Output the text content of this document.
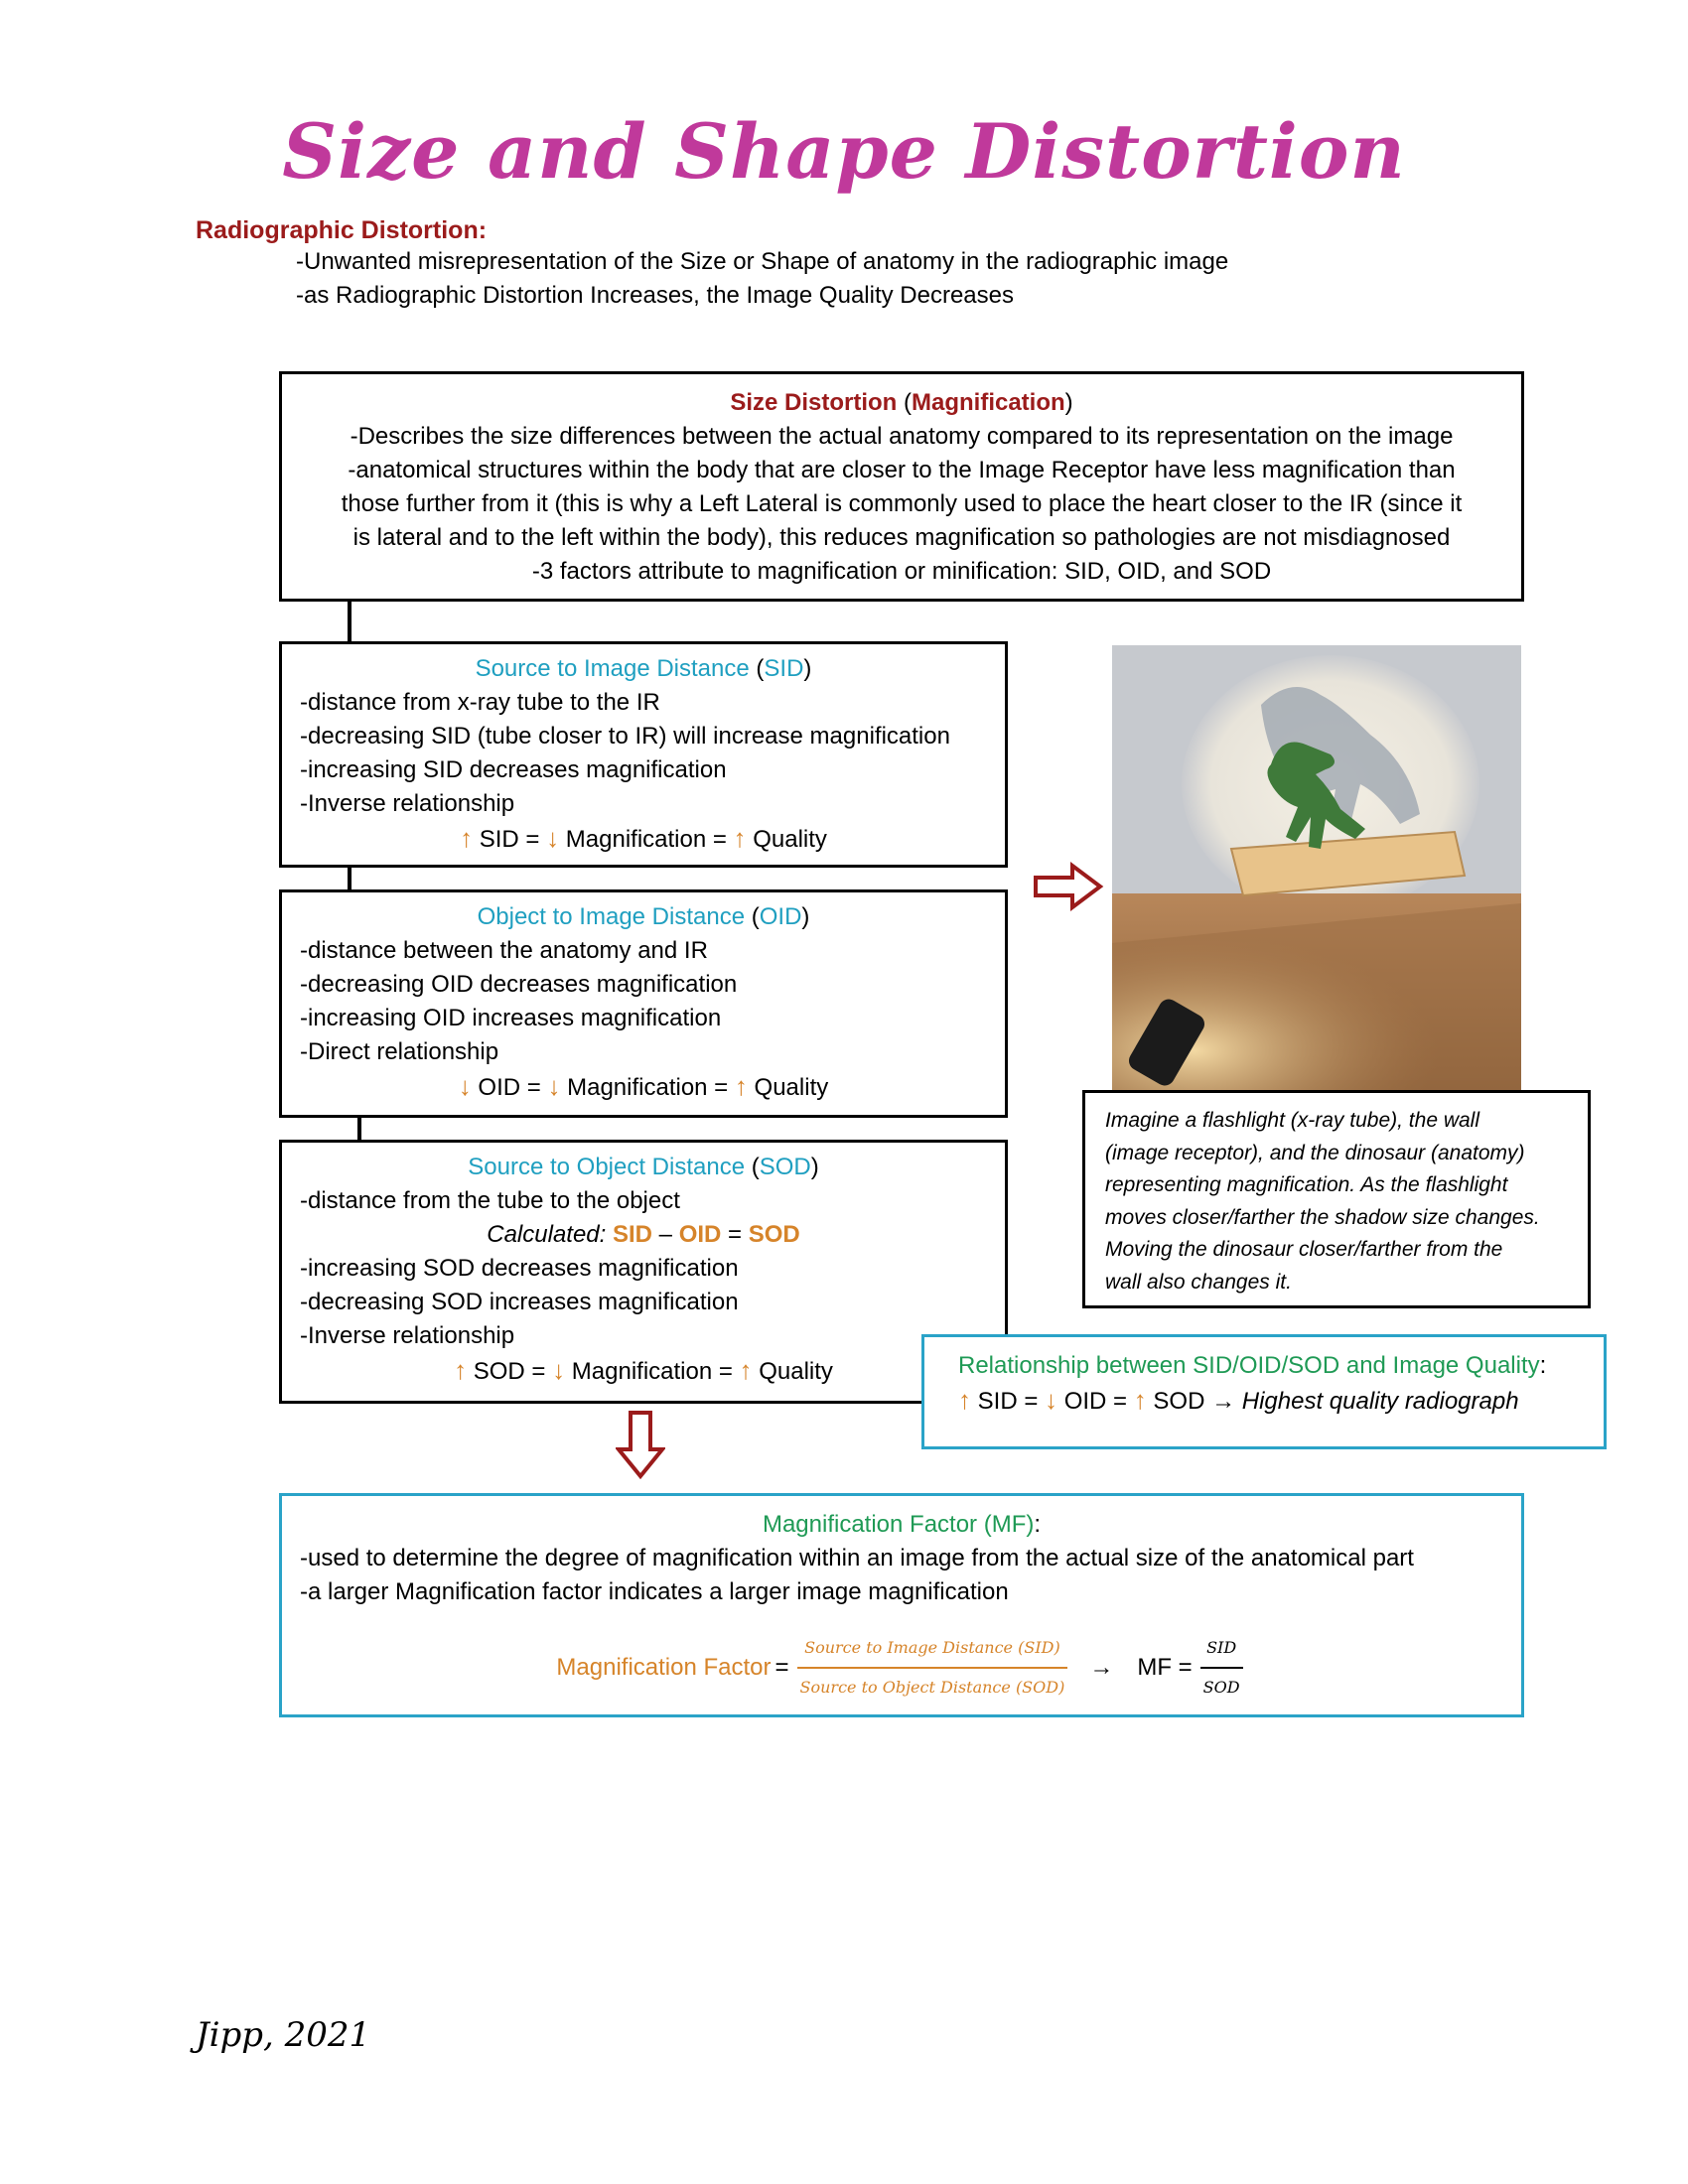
Size and Shape Distortion
Radiographic Distortion:
-Unwanted misrepresentation of the Size or Shape of anatomy in the radiographic image
-as Radiographic Distortion Increases, the Image Quality Decreases
Size Distortion (Magnification)
-Describes the size differences between the actual anatomy compared to its representation on the image
-anatomical structures within the body that are closer to the Image Receptor have less magnification than
those further from it (this is why a Left Lateral is commonly used to place the heart closer to the IR (since it
is lateral and to the left within the body), this reduces magnification so pathologies are not misdiagnosed
-3 factors attribute to magnification or minification: SID, OID, and SOD
Source to Image Distance (SID)
-distance from x-ray tube to the IR
-decreasing SID (tube closer to IR) will increase magnification
-increasing SID decreases magnification
-Inverse relationship
↑ SID = ↓ Magnification = ↑ Quality
Object to Image Distance (OID)
-distance between the anatomy and IR
-decreasing OID decreases magnification
-increasing OID increases magnification
-Direct relationship
↓ OID = ↓ Magnification = ↑ Quality
Source to Object Distance (SOD)
-distance from the tube to the object
Calculated: SID – OID = SOD
-increasing SOD decreases magnification
-decreasing SOD increases magnification
-Inverse relationship
↑ SOD = ↓ Magnification = ↑ Quality
Imagine a flashlight (x-ray tube), the wall
(image receptor), and the dinosaur (anatomy)
representing magnification. As the flashlight
moves closer/farther the shadow size changes.
Moving the dinosaur closer/farther from the
wall also changes it.
Relationship between SID/OID/SOD and Image Quality:
↑ SID = ↓ OID = ↑ SOD → Highest quality radiograph
Magnification Factor (MF):
-used to determine the degree of magnification within an image from the actual size of the anatomical part
-a larger Magnification factor indicates a larger image magnification
Magnification Factor = $\frac{\text{Source to Image Distance (SID)}}{\text{Source to Object Distance (SOD)}}$ → MF = $\frac{\text{SID}}{\text{SOD}}$
Jipp, 2021
